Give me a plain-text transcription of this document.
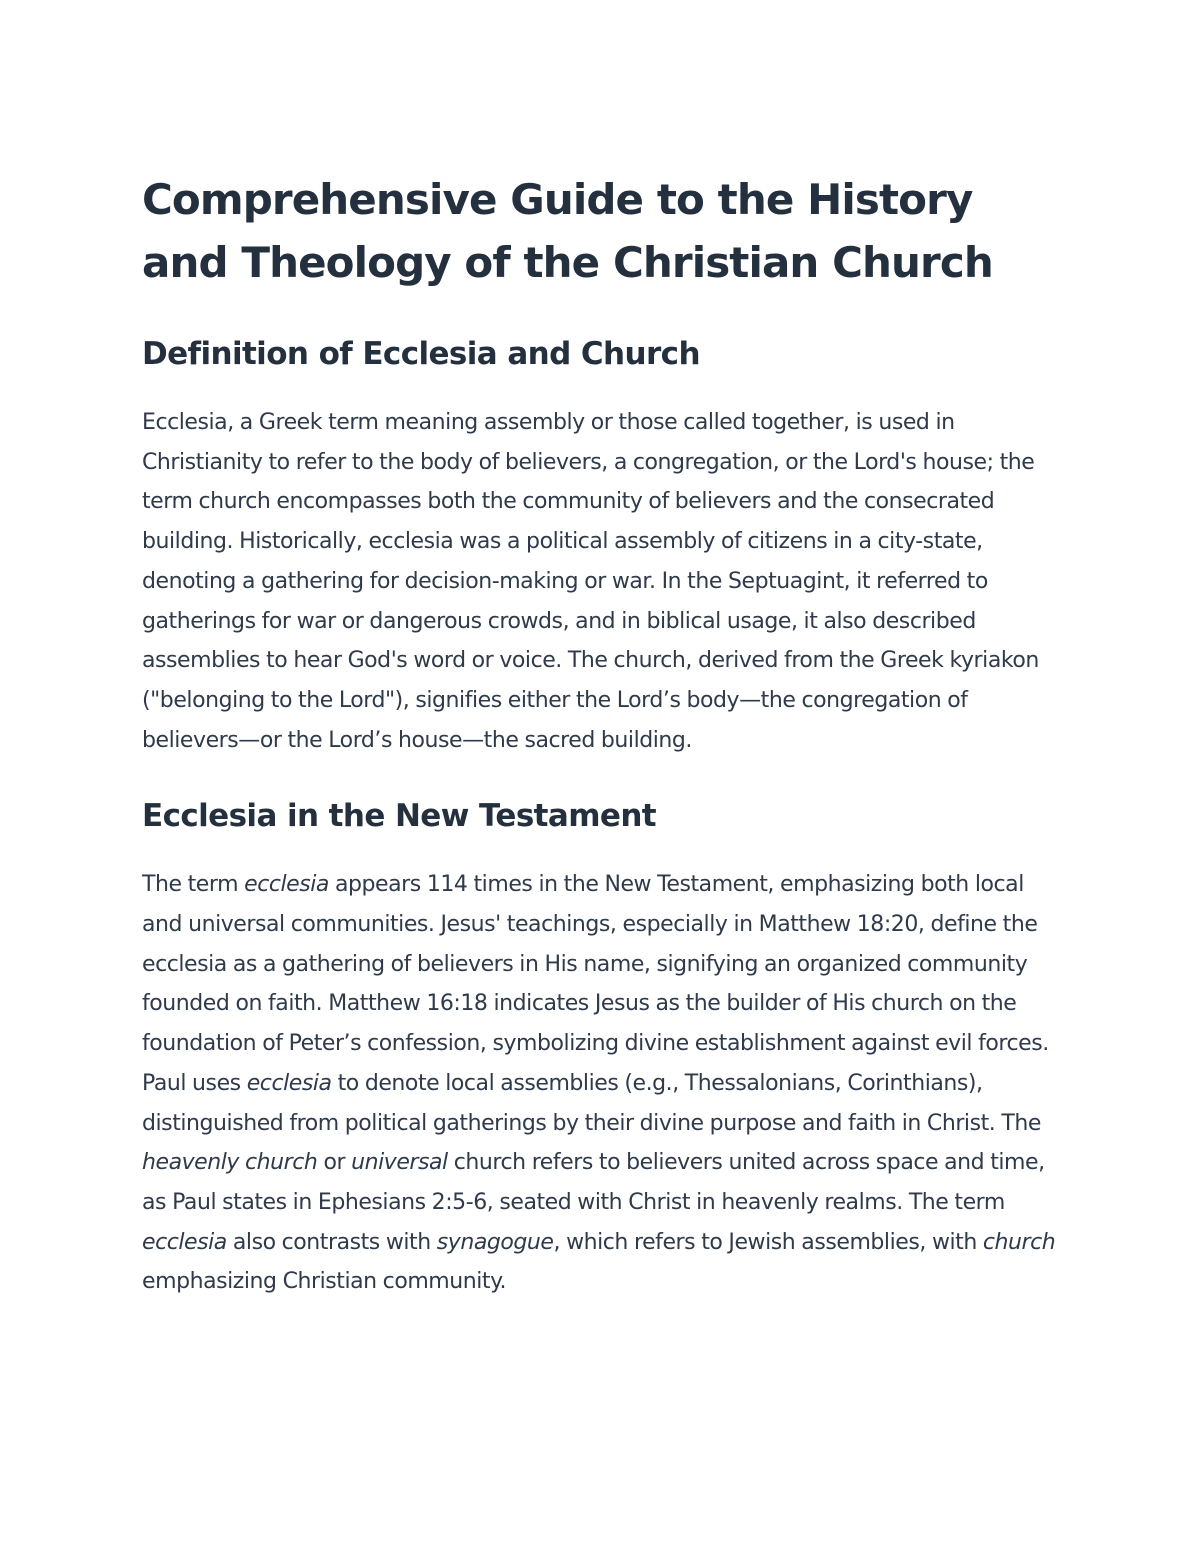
Comprehensive Guide to the History and Theology of the Christian Church
Definition of Ecclesia and Church

Ecclesia, a Greek term meaning assembly or those called together, is used in Christianity to refer to the body of believers, a congregation, or the Lord's house; the term church encompasses both the community of believers and the consecrated building. Historically, ecclesia was a political assembly of citizens in a city-state, denoting a gathering for decision-making or war. In the Septuagint, it referred to gatherings for war or dangerous crowds, and in biblical usage, it also described assemblies to hear God's word or voice. The church, derived from the Greek kyriakon ("belonging to the Lord"), signifies either the Lord’s body—the congregation of believers—or the Lord’s house—the sacred building.

Ecclesia in the New Testament

The term ecclesia appears 114 times in the New Testament, emphasizing both local and universal communities. Jesus' teachings, especially in Matthew 18:20, define the ecclesia as a gathering of believers in His name, signifying an organized community founded on faith. Matthew 16:18 indicates Jesus as the builder of His church on the foundation of Peter’s confession, symbolizing divine establishment against evil forces. Paul uses ecclesia to denote local assemblies (e.g., Thessalonians, Corinthians), distinguished from political gatherings by their divine purpose and faith in Christ. The heavenly church or universal church refers to believers united across space and time, as Paul states in Ephesians 2:5-6, seated with Christ in heavenly realms. The term ecclesia also contrasts with synagogue, which refers to Jewish assemblies, with church emphasizing Christian community.
